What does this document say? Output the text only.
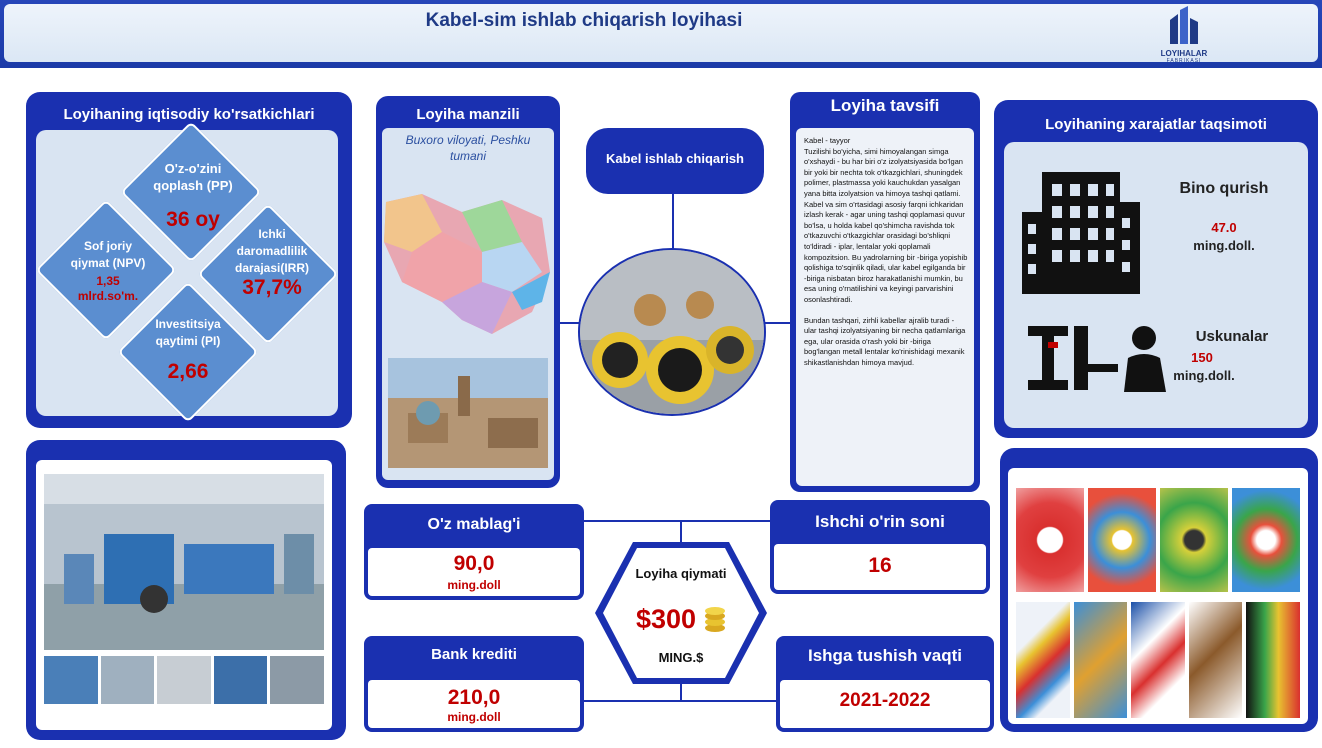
Kabel-sim ishlab chiqarish loyihasi
LOYIHALAR
FABRIKASI
Loyihaning iqtisodiy ko'rsatkichlari
O'z-o'zini qoplash (PP)
36 oy
Sof joriy qiymat (NPV)
1,35 mlrd.so'm.
Ichki daromadlilik darajasi(IRR)
37,7%
Investitsiya qaytimi (PI)
2,66
Loyiha manzili
Buxoro viloyati, Peshku tumani	Kabel ishlab chiqarish
Loyiha tavsifi
Kabel - tayyor
Tuzilishi bo'yicha, simi himoyalangan simga o'xshaydi - bu har biri o'z izolyatsiyasida bo'lgan bir yoki bir nechta tok o'tkazgichlari, shuningdek polimer, plastmassa yoki kauchukdan yasalgan yana bitta izolyatsion va himoya tashqi qatlami.
Kabel va sim o'rtasidagi asosiy farqni ichkaridan izlash kerak - agar uning tashqi qoplamasi quvur bo'lsa, u holda kabel qo'shimcha ravishda tok o'tkazuvchi o'tkazgichlar orasidagi bo'shliqni to'ldiradi - iplar, lentalar yoki qoplamali kompozitsion. Bu yadrolarning bir -biriga yopishib qolishiga to'sqinlik qiladi, ular kabel egilganda bir -biriga nisbatan biroz harakatlanishi mumkin, bu esa uning o'rnatilishini va keyingi parvarishini osonlashtiradi.
Bundan tashqari, zirhli kabellar ajralib turadi - ular tashqi izolyatsiyaning bir necha qatlamlariga ega, ular orasida o'rash yoki bir -biriga bog'langan metall lentalar ko'rinishidagi mexanik shikastlanishdan himoya mavjud.
Loyihaning xarajatlar taqsimoti
Bino qurish
47.0
ming.doll.
Uskunalar
150
ming.doll.
O'z mablag'i
90,0
ming.doll
Bank krediti
210,0
ming.doll
Loyiha qiymati
$300
MING.$
Ishchi o'rin soni
16
Ishga tushish vaqti
2021-2022
